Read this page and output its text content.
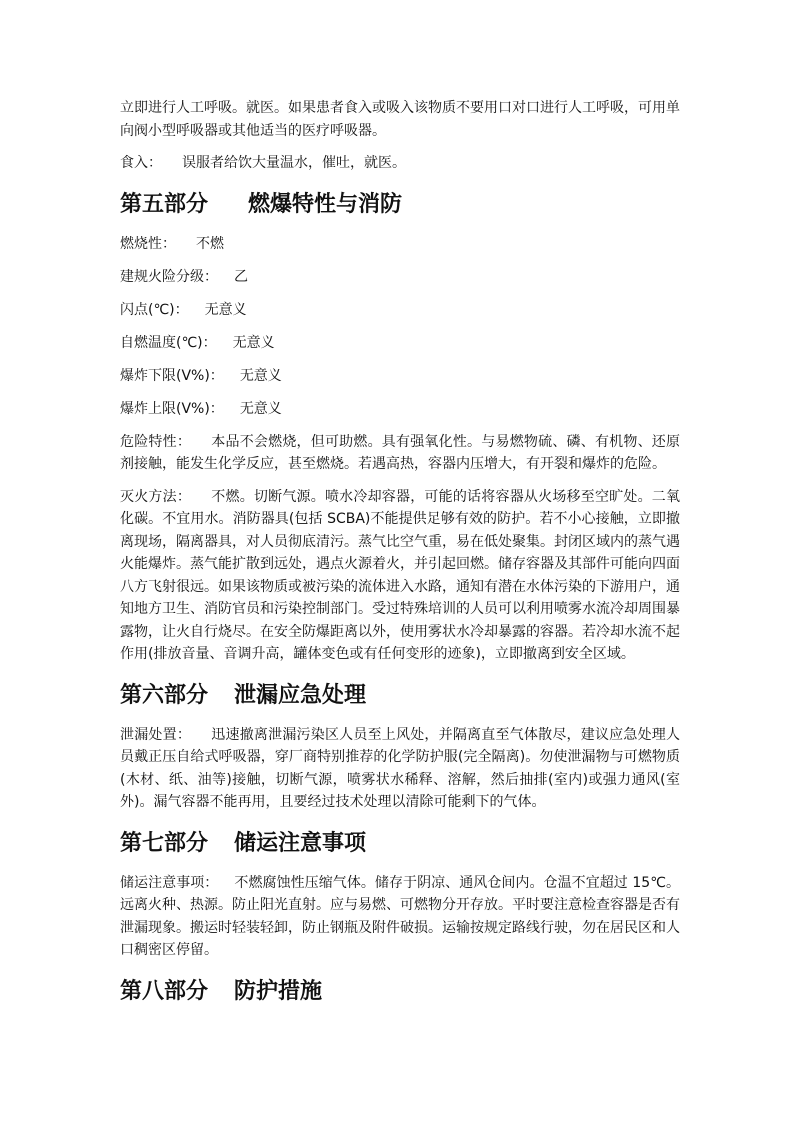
立即进行人工呼吸。就医。如果患者食入或吸入该物质不要用口对口进行人工呼吸，可用单向阀小型呼吸器或其他适当的医疗呼吸器。

食入： 误服者给饮大量温水，催吐，就医。

第五部分 燃爆特性与消防
燃烧性： 不燃
建规火险分级： 乙
闪点(℃)： 无意义
自燃温度(℃)： 无意义
爆炸下限(V%)： 无意义
爆炸上限(V%)： 无意义

危险特性： 本品不会燃烧，但可助燃。具有强氧化性。与易燃物硫、磷、有机物、还原剂接触，能发生化学反应，甚至燃烧。若遇高热，容器内压增大，有开裂和爆炸的危险。

灭火方法： 不燃。切断气源。喷水冷却容器，可能的话将容器从火场移至空旷处。二氧化碳。不宜用水。消防器具(包括 SCBA)不能提供足够有效的防护。若不小心接触，立即撤离现场，隔离器具，对人员彻底清污。蒸气比空气重，易在低处聚集。封闭区域内的蒸气遇火能爆炸。蒸气能扩散到远处，遇点火源着火，并引起回燃。储存容器及其部件可能向四面八方飞射很远。如果该物质或被污染的流体进入水路，通知有潜在水体污染的下游用户，通知地方卫生、消防官员和污染控制部门。受过特殊培训的人员可以利用喷雾水流冷却周围暴露物，让火自行烧尽。在安全防爆距离以外，使用雾状水冷却暴露的容器。若冷却水流不起作用(排放音量、音调升高，罐体变色或有任何变形的迹象)，立即撤离到安全区域。

第六部分 泄漏应急处理

泄漏处置： 迅速撤离泄漏污染区人员至上风处，并隔离直至气体散尽，建议应急处理人员戴正压自给式呼吸器，穿厂商特别推荐的化学防护服(完全隔离)。勿使泄漏物与可燃物质(木材、纸、油等)接触，切断气源，喷雾状水稀释、溶解，然后抽排(室内)或强力通风(室外)。漏气容器不能再用，且要经过技术处理以清除可能剩下的气体。

第七部分 储运注意事项

储运注意事项： 不燃腐蚀性压缩气体。储存于阴凉、通风仓间内。仓温不宜超过 15℃。远离火种、热源。防止阳光直射。应与易燃、可燃物分开存放。平时要注意检查容器是否有泄漏现象。搬运时轻装轻卸，防止钢瓶及附件破损。运输按规定路线行驶，勿在居民区和人口稠密区停留。

第八部分 防护措施
